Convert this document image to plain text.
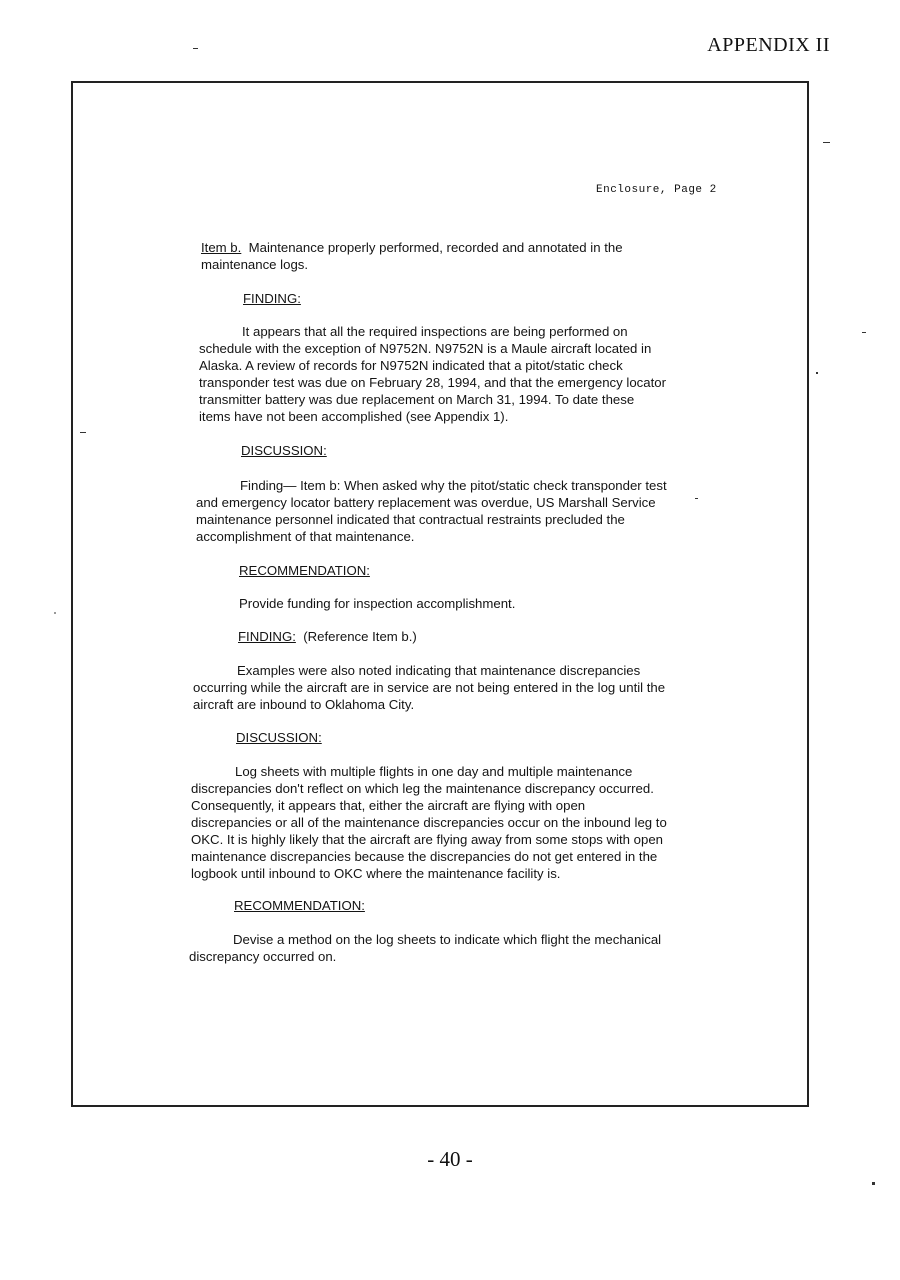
APPENDIX II
Enclosure, Page 2

Item b. Maintenance properly performed, recorded and annotated in the

maintenance logs.

FINDING:

It appears that all the required inspections are being performed on

schedule with the exception of N9752N. N9752N is a Maule aircraft located in

Alaska. A review of records for N9752N indicated that a pitot/static check

transponder test was due on February 28, 1994, and that the emergency locator

transmitter battery was due replacement on March 31, 1994. To date these

items have not been accomplished (see Appendix 1).

DISCUSSION:

Finding— Item b: When asked why the pitot/static check transponder test

and emergency locator battery replacement was overdue, US Marshall Service

maintenance personnel indicated that contractual restraints precluded the

accomplishment of that maintenance.

RECOMMENDATION:

Provide funding for inspection accomplishment.

FINDING: (Reference Item b.)

Examples were also noted indicating that maintenance discrepancies

occurring while the aircraft are in service are not being entered in the log until the

aircraft are inbound to Oklahoma City.

DISCUSSION:

Log sheets with multiple flights in one day and multiple maintenance

discrepancies don't reflect on which leg the maintenance discrepancy occurred.

Consequently, it appears that, either the aircraft are flying with open

discrepancies or all of the maintenance discrepancies occur on the inbound leg to

OKC. It is highly likely that the aircraft are flying away from some stops with open

maintenance discrepancies because the discrepancies do not get entered in the

logbook until inbound to OKC where the maintenance facility is.

RECOMMENDATION:

Devise a method on the log sheets to indicate which flight the mechanical

discrepancy occurred on.

- 40 -
